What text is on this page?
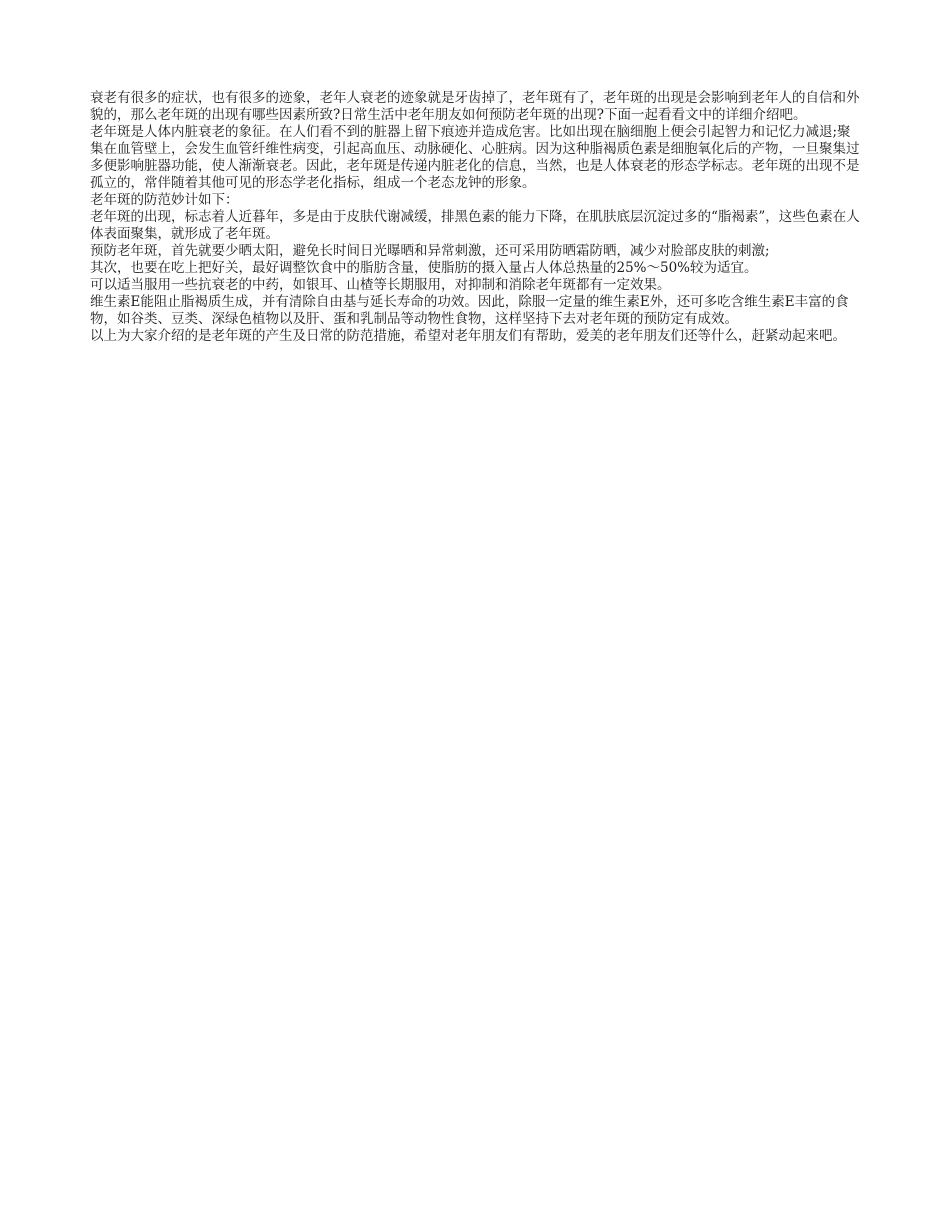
衰老有很多的症状，也有很多的迹象，老年人衰老的迹象就是牙齿掉了，老年斑有了，老年斑的出现是会影响到老年人的自信和外貌的，那么老年斑的出现有哪些因素所致?日常生活中老年朋友如何预防老年斑的出现?下面一起看看文中的详细介绍吧。

老年斑是人体内脏衰老的象征。在人们看不到的脏器上留下痕迹并造成危害。比如出现在脑细胞上便会引起智力和记忆力减退;聚集在血管壁上，会发生血管纤维性病变，引起高血压、动脉硬化、心脏病。因为这种脂褐质色素是细胞氧化后的产物，一旦聚集过多便影响脏器功能，使人渐渐衰老。因此，老年斑是传递内脏老化的信息，当然，也是人体衰老的形态学标志。老年斑的出现不是孤立的，常伴随着其他可见的形态学老化指标，组成一个老态龙钟的形象。

老年斑的防范妙计如下：

老年斑的出现，标志着人近暮年，多是由于皮肤代谢减缓，排黑色素的能力下降，在肌肤底层沉淀过多的“脂褐素”，这些色素在人体表面聚集，就形成了老年斑。

预防老年斑，首先就要少晒太阳，避免长时间日光曝晒和异常刺激，还可采用防晒霜防晒，减少对脸部皮肤的刺激;

其次，也要在吃上把好关，最好调整饮食中的脂肪含量，使脂肪的摄入量占人体总热量的25%～50%较为适宜。

可以适当服用一些抗衰老的中药，如银耳、山楂等长期服用，对抑制和消除老年斑都有一定效果。

维生素E能阻止脂褐质生成，并有清除自由基与延长寿命的功效。因此，除服一定量的维生素E外，还可多吃含维生素E丰富的食物，如谷类、豆类、深绿色植物以及肝、蛋和乳制品等动物性食物，这样坚持下去对老年斑的预防定有成效。

以上为大家介绍的是老年斑的产生及日常的防范措施，希望对老年朋友们有帮助，爱美的老年朋友们还等什么，赶紧动起来吧。
